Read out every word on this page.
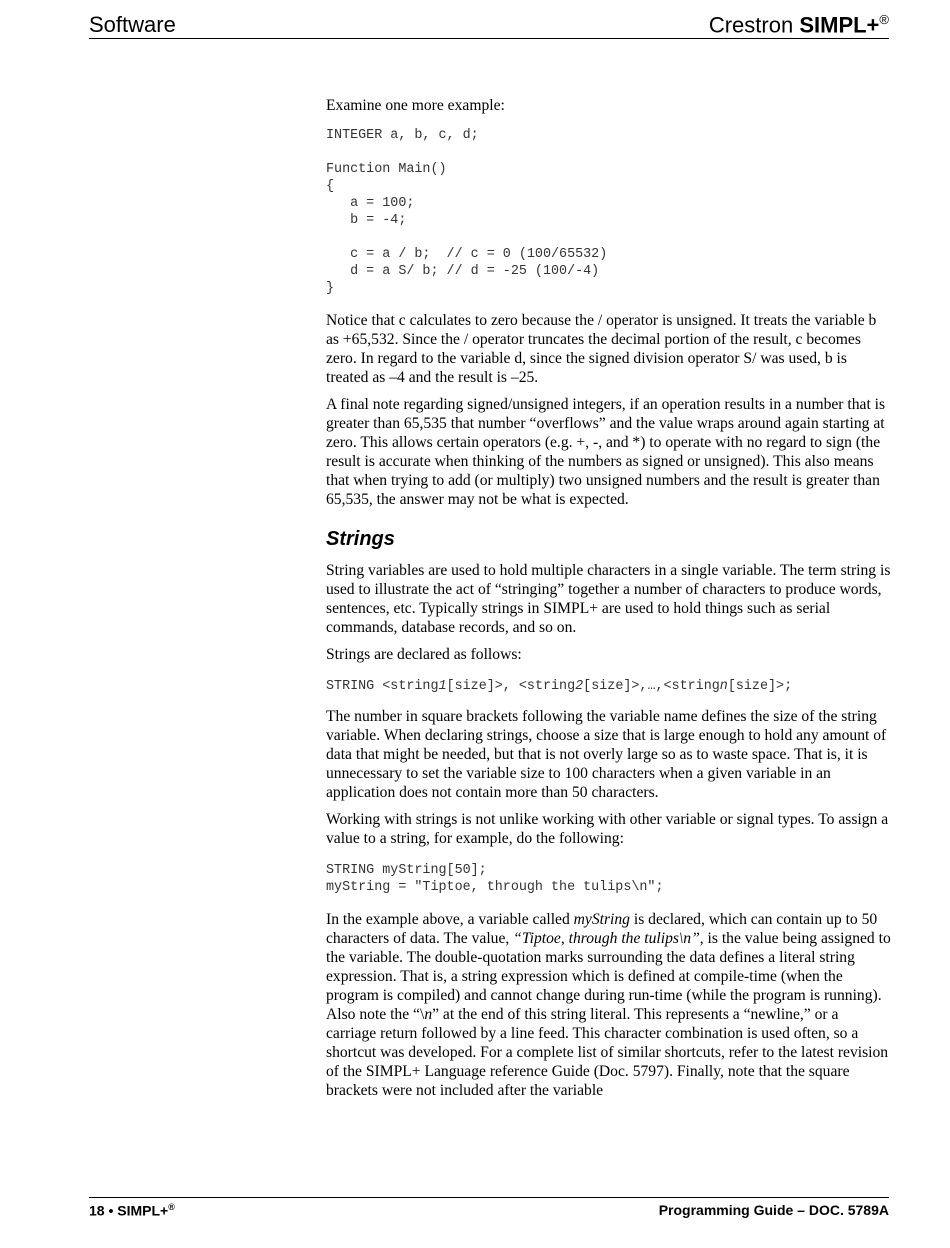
Software	Crestron SIMPL+®

Examine one more example:

INTEGER a, b, c, d;

Function Main()
{
a = 100;
b = -4;

c = a / b;  // c = 0 (100/65532)
d = a S/ b; // d = -25 (100/-4)
}

Notice that c calculates to zero because the / operator is unsigned. It treats the variable b as +65,532. Since the / operator truncates the decimal portion of the result, c becomes zero. In regard to the variable d, since the signed division operator S/ was used, b is treated as –4 and the result is –25.

A final note regarding signed/unsigned integers, if an operation results in a number that is greater than 65,535 that number “overflows” and the value wraps around again starting at zero. This allows certain operators (e.g. +, -, and *) to operate with no regard to sign (the result is accurate when thinking of the numbers as signed or unsigned). This also means that when trying to add (or multiply) two unsigned numbers and the result is greater than 65,535, the answer may not be what is expected.

Strings

String variables are used to hold multiple characters in a single variable. The term string is used to illustrate the act of “stringing” together a number of characters to produce words, sentences, etc. Typically strings in SIMPL+ are used to hold things such as serial commands, database records, and so on.

Strings are declared as follows:

STRING <string1[size]>, <string2[size]>,…,<stringn[size]>;

The number in square brackets following the variable name defines the size of the string variable. When declaring strings, choose a size that is large enough to hold any amount of data that might be needed, but that is not overly large so as to waste space. That is, it is unnecessary to set the variable size to 100 characters when a given variable in an application does not contain more than 50 characters.

Working with strings is not unlike working with other variable or signal types. To assign a value to a string, for example, do the following:

STRING myString[50];
myString = "Tiptoe, through the tulips\n";

In the example above, a variable called myString is declared, which can contain up to 50 characters of data. The value, “Tiptoe, through the tulips\n”, is the value being assigned to the variable. The double-quotation marks surrounding the data defines a literal string expression. That is, a string expression which is defined at compile-time (when the program is compiled) and cannot change during run-time (while the program is running). Also note the “\n” at the end of this string literal. This represents a “newline,” or a carriage return followed by a line feed. This character combination is used often, so a shortcut was developed. For a complete list of similar shortcuts, refer to the latest revision of the SIMPL+ Language reference Guide (Doc. 5797). Finally, note that the square brackets were not included after the variable

18 • SIMPL+®	Programming Guide – DOC. 5789A
